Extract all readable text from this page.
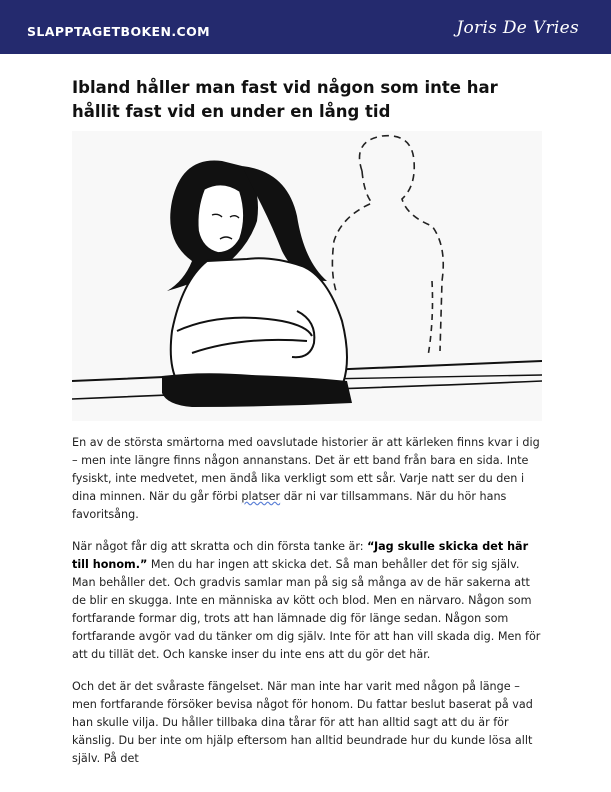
SLAPPTAGETBOKEN.COM	Joris De Vries
Ibland håller man fast vid någon som inte har hållit fast vid en under en lång tid

En av de största smärtorna med oavslutade historier är att kärleken finns kvar i dig – men inte längre finns någon annanstans. Det är ett band från bara en sida. Inte fysiskt, inte medvetet, men ändå lika verkligt som ett sår. Varje natt ser du den i dina minnen. När du går förbi platser där ni var tillsammans. När du hör hans favoritsång.

När något får dig att skratta och din första tanke är: “Jag skulle skicka det här till honom.” Men du har ingen att skicka det. Så man behåller det för sig själv. Man behåller det. Och gradvis samlar man på sig så många av de här sakerna att de blir en skugga. Inte en människa av kött och blod. Men en närvaro. Någon som fortfarande formar dig, trots att han lämnade dig för länge sedan. Någon som fortfarande avgör vad du tänker om dig själv. Inte för att han vill skada dig. Men för att du tillät det. Och kanske inser du inte ens att du gör det här.

Och det är det svåraste fängelset. När man inte har varit med någon på länge – men fortfarande försöker bevisa något för honom. Du fattar beslut baserat på vad han skulle vilja. Du håller tillbaka dina tårar för att han alltid sagt att du är för känslig. Du ber inte om hjälp eftersom han alltid beundrade hur du kunde lösa allt själv. På det
